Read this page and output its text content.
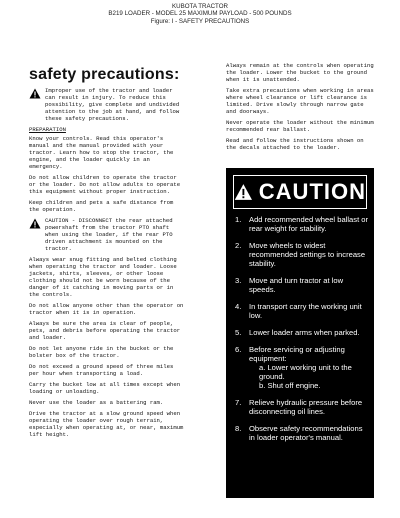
KUBOTA TRACTOR
B219 LOADER - MODEL 25 MAXIMUM PAYLOAD - 500 POUNDS
Figure: I - SAFETY PRECAUTIONS
safety precautions:

Improper use of the tractor and loader can result in injury. To reduce this possibility, give complete and undivided attention to the job at hand, and follow these safety precautions.

PREPARATION

Know your controls. Read this operator's manual and the manual provided with your tractor. Learn how to stop the tractor, the engine, and the loader quickly in an emergency.

Do not allow children to operate the tractor or the loader. Do not allow adults to operate this equipment without proper instruction.

Keep children and pets a safe distance from the operation.

CAUTION - DISCONNECT the rear attached powershaft from the tractor PTO shaft when using the loader, if the rear PTO driven attachment is mounted on the tractor.

Always wear snug fitting and belted clothing when operating the tractor and loader. Loose jackets, shirts, sleeves, or other loose clothing should not be worn because of the danger of it catching in moving parts or in the controls.

Do not allow anyone other than the operator on tractor when it is in operation.

Always be sure the area is clear of people, pets, and debris before operating the tractor and loader.

Do not let anyone ride in the bucket or the bolster box of the tractor.

Do not exceed a ground speed of three miles per hour when transporting a load.

Carry the bucket low at all times except when loading or unloading.

Never use the loader as a battering ram.

Drive the tractor at a slow ground speed when operating the loader over rough terrain, especially when operating at, or near, maximum lift height.

Always remain at the controls when operating the loader. Lower the bucket to the ground when it is unattended.

Take extra precautions when working in areas where wheel clearance or lift clearance is limited. Drive slowly through narrow gate and doorways.

Never operate the loader without the minimum recommended rear ballast.

Read and follow the instructions shown on the decals attached to the loader.

CAUTION
1.	Add recommended wheel ballast or rear weight for stability.
2.	Move wheels to widest recommended settings to increase stability.
3.	Move and turn tractor at low speeds.
4.	In transport carry the working unit low.
5.	Lower loader arms when parked.
6.	Before servicing or adjusting equipment:
a. Lower working unit to the ground.
b. Shut off engine.
7.	Relieve hydraulic pressure before disconnecting oil lines.
8.	Observe safety recommendations in loader operator's manual.
